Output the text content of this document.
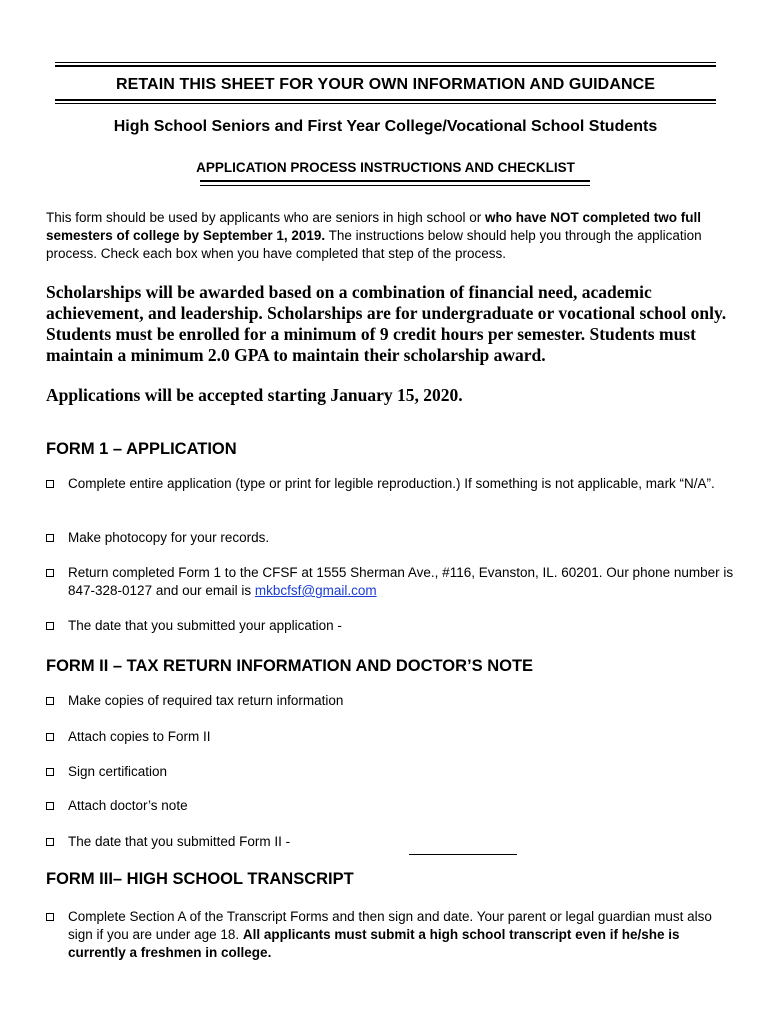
RETAIN THIS SHEET FOR YOUR OWN INFORMATION AND GUIDANCE
High School Seniors and First Year College/Vocational School Students
APPLICATION PROCESS INSTRUCTIONS AND CHECKLIST
This form should be used by applicants who are seniors in high school or who have NOT completed two full semesters of college by September 1, 2019. The instructions below should help you through the application process. Check each box when you have completed that step of the process.
Scholarships will be awarded based on a combination of financial need, academic achievement, and leadership. Scholarships are for undergraduate or vocational school only. Students must be enrolled for a minimum of 9 credit hours per semester. Students must maintain a minimum 2.0 GPA to maintain their scholarship award.
Applications will be accepted starting January 15, 2020.
FORM 1 – APPLICATION
Complete entire application (type or print for legible reproduction.) If something is not applicable, mark “N/A”.
Make photocopy for your records.
Return completed Form 1 to the CFSF at 1555 Sherman Ave., #116, Evanston, IL. 60201. Our phone number is 847-328-0127 and our email is mkbcfsf@gmail.com
The date that you submitted your application -
FORM II – TAX RETURN INFORMATION AND DOCTOR’S NOTE
Make copies of required tax return information
Attach copies to Form II
Sign certification
Attach doctor’s note
The date that you submitted Form II -
FORM III– HIGH SCHOOL TRANSCRIPT
Complete Section A of the Transcript Forms and then sign and date. Your parent or legal guardian must also sign if you are under age 18. All applicants must submit a high school transcript even if he/she is currently a freshmen in college.
